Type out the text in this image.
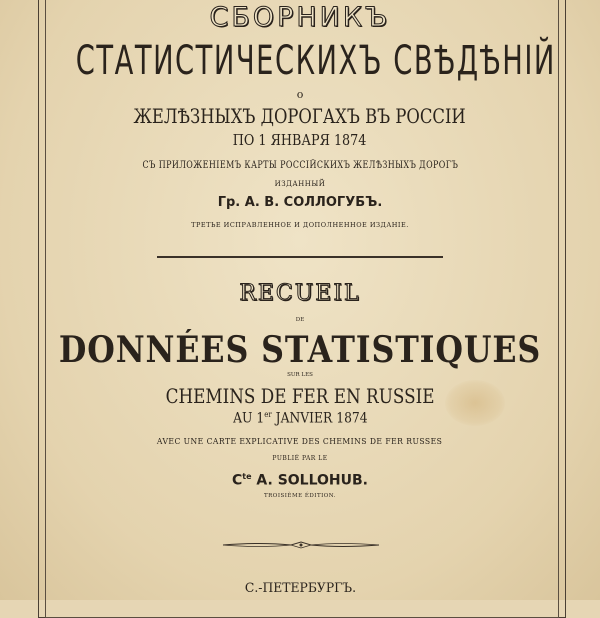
СБОРНИКЪ
СТАТИСТИЧЕСКИХЪ СВѢДѢНІЙ
о
ЖЕЛѢЗНЫХЪ ДОРОГАХЪ ВЪ РОССІИ
ПО 1 ЯНВАРЯ 1874
СЪ ПРИЛОЖЕНІЕМЪ КАРТЫ РОССІЙСКИХЪ ЖЕЛѢЗНЫХЪ ДОРОГЪ
ИЗДАННЫЙ
Гр. А. В. СОЛЛОГУБЪ.
ТРЕТЬЕ ИСПРАВЛЕННОЕ И ДОПОЛНЕННОЕ ИЗДАНІЕ.
RECUEIL
DE
DONNÉES STATISTIQUES
SUR LES
CHEMINS DE FER EN RUSSIE
AU 1er JANVIER 1874
AVEC UNE CARTE EXPLICATIVE DES CHEMINS DE FER RUSSES
PUBLIÉ PAR LE
$C^{te}$ A. SOLLOHUB.
TROISIÈME ÉDITION.
С.-ПЕТЕРБУРГЪ.
